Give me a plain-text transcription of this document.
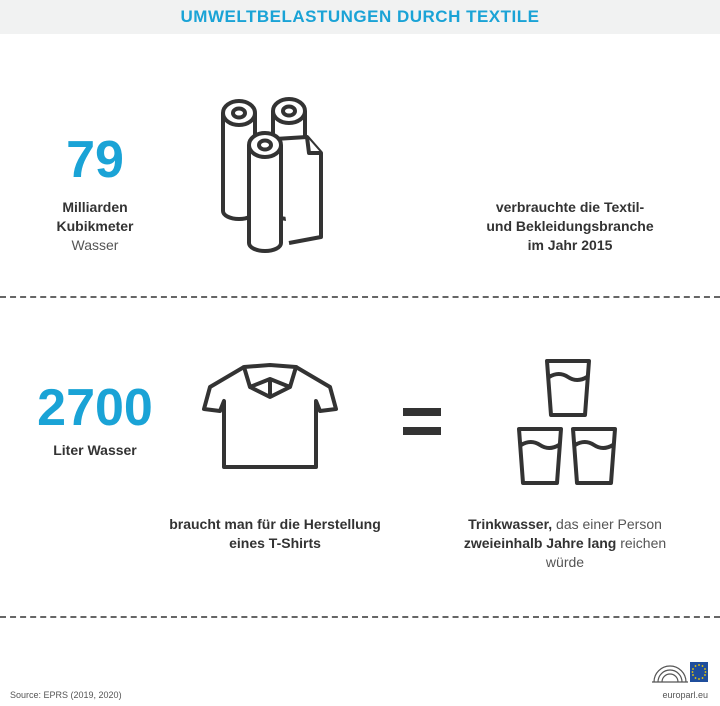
UMWELTBELASTUNGEN DURCH TEXTILE
79
Milliarden
Kubikmeter
Wasser
verbrauchte die Textil-
und Bekleidungsbranche
im Jahr 2015
2700
Liter Wasser
braucht man für die Herstellung
eines T-Shirts
Trinkwasser, das einer Person
zweieinhalb Jahre lang reichen
würde
Source: EPRS (2019, 2020)	europarl.eu
